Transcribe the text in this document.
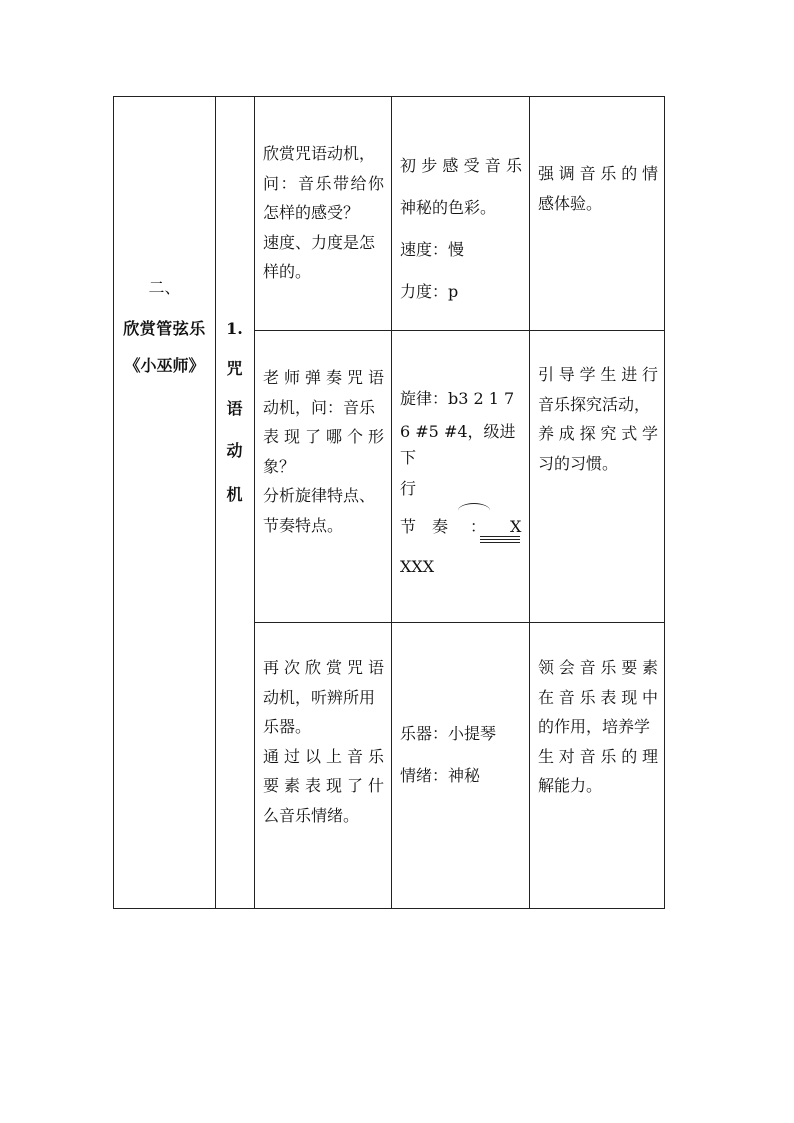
二、
欣赏管弦乐
《小巫师》
1.
咒
语
动
机

欣赏咒语动机，

问：音乐带给你

怎样的感受？

速度、力度是怎

样的。

初步感受音乐

神秘的色彩。

速度：慢

力度：p

强调音乐的情

感体验。

老师弹奏咒语

动机，问：音乐

表现了哪个形

象？

分析旋律特点、

节奏特点。

旋律：b3 2 1 7

6 #5 #4，级进下

行

节　奏 ： X

XXX

引导学生进行

音乐探究活动，

养成探究式学

习的习惯。

再次欣赏咒语

动机，听辨所用

乐器。

通过以上音乐

要素表现了什

么音乐情绪。

乐器：小提琴

情绪：神秘

领会音乐要素

在音乐表现中

的作用，培养学

生对音乐的理

解能力。
